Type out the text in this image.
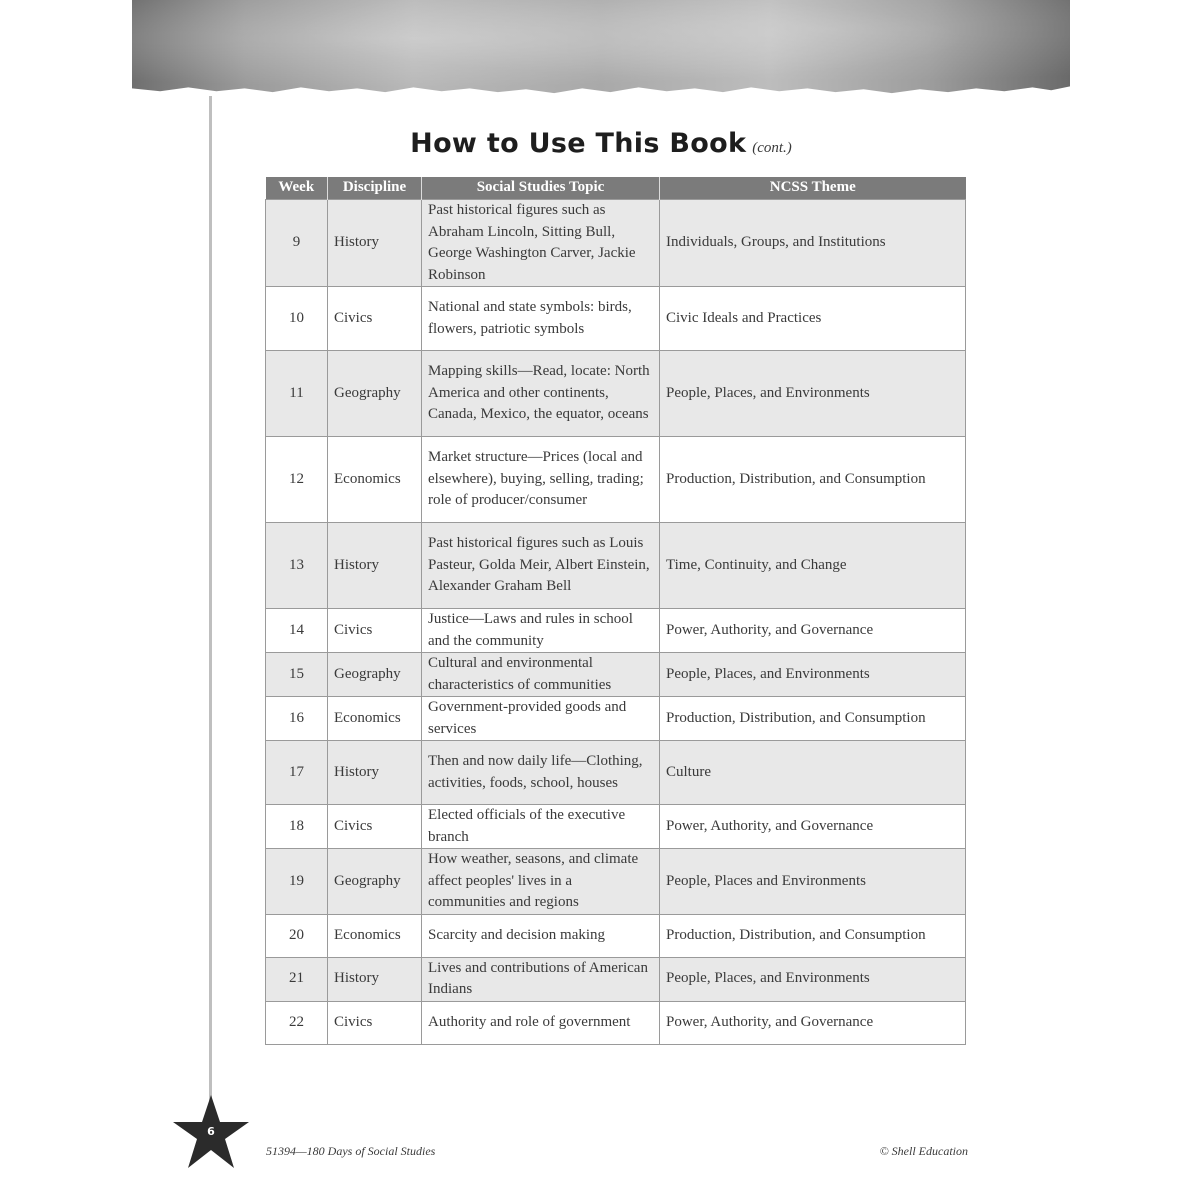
How to Use This Book (cont.)
Week	Discipline	Social Studies Topic	NCSS Theme
9	History	Past historical figures such as Abraham Lincoln, Sitting Bull, George Washington Carver, Jackie Robinson	Individuals, Groups, and Institutions
10	Civics	National and state symbols: birds, flowers, patriotic symbols	Civic Ideals and Practices
11	Geography	Mapping skills—Read, locate: North America and other continents, Canada, Mexico, the equator, oceans	People, Places, and Environments
12	Economics	Market structure—Prices (local and elsewhere), buying, selling, trading; role of producer/consumer	Production, Distribution, and Consumption
13	History	Past historical figures such as Louis Pasteur, Golda Meir, Albert Einstein, Alexander Graham Bell	Time, Continuity, and Change
14	Civics	Justice—Laws and rules in school and the community	Power, Authority, and Governance
15	Geography	Cultural and environmental characteristics of communities	People, Places, and Environments
16	Economics	Government-provided goods and services	Production, Distribution, and Consumption
17	History	Then and now daily life—Clothing, activities, foods, school, houses	Culture
18	Civics	Elected officials of the executive branch	Power, Authority, and Governance
19	Geography	How weather, seasons, and climate affect peoples' lives in a communities and regions	People, Places and Environments
20	Economics	Scarcity and decision making	Production, Distribution, and Consumption
21	History	Lives and contributions of American Indians	People, Places, and Environments
22	Civics	Authority and role of government	Power, Authority, and Governance
6
51394—180 Days of Social Studies	© Shell Education
